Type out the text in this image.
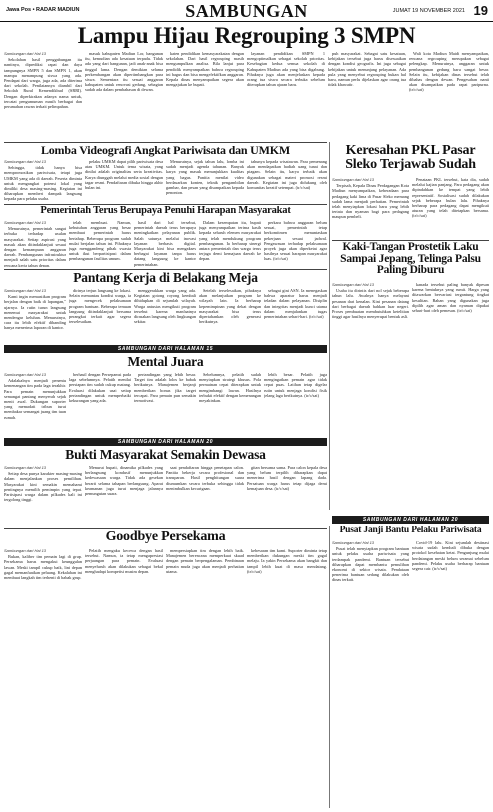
Jawa Pos • RADAR MADIUN	SAMBUNGAN	JUMAT 19 NOVEMBER 2021 19
Lampu Hijau Regrouping 3 SMPN
Sambungan dari Hal 13

Sekolahan hasil penggabungan itu nantinya, diprediksi rapat dan daya tampungnya SMPN 5 dan SMPN 1, akan mampu menampung siswa yang ada. Pendapat dari warga, juga ada, ada diterima dari sekolah. Penilaiannya diambil dari Sekolah Rural Kemendikbud (SRRI). Dengan diperkirakan adanya nama untuk, tercatat pengumuman masih berbagai dan perumahan rawan terkait pelimpahan.

masuk kabupaten Madiun Lor, bangunan itu, kemudian ada kesatuan terpadu. Tidak ada yang dari bangunan, jadi anak-anak bisa tinggal lama. Dengan demikian selama perkembangan akan dipertimbangkan para siswa. Sementara itu sesuai anggaran kabupaten untuk renovasi gedung, sebagian sudah ada dalam pembahasan di dewan.

katen pendidikan kemasyarakatan dengan sekolahan. Dari hasil regrouping masih mengumpulkan analisa. Bila lanjut para pendidik menyampaikan bahwa regrouping ini bagus dan bisa mengefektifkan anggaran. Kepala dinas menyampaikan segera akan mengajukan ke bupati.

layanan pendidikan SMPN 1 mengoptimalkan sebagai sekolah prioritas. Kesebagian kedua semua sekolah di Kabupaten Madiun ada yang bisa digabung. Pihaknya juga akan menjelaskan kepada orang tua siswa secara terbuka sebelum diterapkan tahun ajaran baru.

puh masyarakat. Sebagai satu kesatuan, kebijakan tersebut juga harus disesuaikan dengan kondisi geografis. Ini juga sebagai kebijakan untuk menunjang pelayanan. Ada pula yang menyebut regrouping bukan hal baru, namun perlu dijelaskan agar orang tua tidak khawatir.

Wali kota Madiun Maidi menyampaikan, rencana regrouping merupakan sebagai pelengkap. Menurutnya, anggaran untuk pembangunan gedung baru sangat besar. Selain itu, kebijakan dinas tersebut telah dibahas dengan dewan. Pengesahan nanti akan disampaikan pada rapat paripurna. (tr/c/sat)

Lomba Videografi Angkat Pariwisata dan UMKM
Sambungan dari Hal 13

Sehingga, tidak hanya bisa mempromosikan pariwisata, tetapi juga UMKM yang ada di daerah. Peserta diminta untuk mengangkat potensi lokal yang dimiliki desa masing-masing. Kegiatan ini diharapkan memberi dampak langsung kepada para pelaku usaha.

pelaku UMKM dapat pilih pariwisata desa atau UMKM. Untuk tema wisata, yang dinilai adalah originalitas serta kreativitas. Karya diunggah melalui media sosial dengan tagar resmi. Pendaftaran dibuka hingga akhir bulan ini.

Menurutnya, sejak tahun lalu, lomba ini sudah menjadi agenda tahunan. Banyak karya yang masuk menunjukkan kualitas yang bagus. Panitia menilai video berdasarkan konten, teknik pengambilan gambar, dan pesan yang disampaikan kepada penonton.

tahunya kepada wisatawan. Para pemenang akan mendapatkan hadiah uang tunai dan piagam. Selain itu, karya terbaik akan digunakan sebagai materi promosi resmi daerah. Kegiatan ini juga didukung oleh komunitas kreatif setempat. (tr/c/sat)

Keresahan PKL Pasar Sleko Terjawab Sudah
Sambungan dari Hal 13

Terpisah, Kepala Dinas Perdagangan Kota Madiun menyampaikan, keberadaan para pedagang kaki lima di Pasar Sleko memang sudah lama menjadi perhatian. Pemerintah telah menyiapkan lokasi baru yang lebih tertata dan nyaman bagi para pedagang maupun pembeli.

Penataan PKL tersebut, kata dia, sudah melalui kajian panjang. Para pedagang akan dipindahkan ke tempat yang lebih representatif. Sosialisasi sudah dilakukan sejak beberapa bulan lalu. Pihaknya berharap para pedagang dapat mengikuti aturan yang telah ditetapkan bersama. (tr/c/sat)

Pemerintah Terus Berupaya Penuhi Harapan Masyarakat
Sambungan dari Hal 13

Menurutnya, pemerintah sangat terbuka terhadap usulan masyarakat. Setiap aspirasi yang masuk akan ditindaklanjuti sesuai dengan kemampuan anggaran daerah. Pembangunan infrastruktur menjadi salah satu prioritas dalam rencana kerja tahun depan.

telah membuat. Namun, kebutuhan anggaran yang besar membuat pemerintah harus bertahap. Beberapa program sudah mulai berjalan tahun ini. Pihaknya juga menggandeng pihak swasta untuk ikut berpartisipasi dalam pembangunan fasilitas umum.

hasil dari hal tersebut, pemerintah daerah terus berupaya meningkatkan pelayanan publik. Salah satunya melalui inovasi layanan berbasis digital. Masyarakat kini bisa mengakses berbagai layanan tanpa harus datang langsung ke kantor pemerintahan.

Dalam kesempatan itu, bupati juga menyampaikan terima kasih kepada seluruh elemen masyarakat yang telah mendukung program pembangunan. Ia berharap sinergi antara pemerintah dan warga terus terjaga demi kemajuan daerah ke depan.

perkara bahwa anggaran belum sesuai, pemerintah tetap berkomitmen menuntaskan pekerjaan sesuai jadwal. Pengawasan terhadap pelaksanaan proyek juga akan diperketat agar hasilnya sesuai harapan masyarakat luas. (tr/c/sat)

Kaki-Tangan Prostetik Laku Sampai Jepang, Telinga Palsu Paling Diburu
Sambungan dari Hal 13

Usaha itu dirintis dari nol sejak beberapa tahun lalu. Awalnya hanya melayani pesanan dari kenalan. Kini pesanan datang dari berbagai daerah bahkan luar negeri. Proses pembuatan membutuhkan ketelitian tinggi agar hasilnya menyerupai bentuk asli.

kanada tersebut paling banyak dipesan karena bentuknya yang rumit. Harga yang ditawarkan bervariasi tergantung tingkat kesulitan. Bahan yang digunakan juga dipilih agar aman dan nyaman dipakai sehari-hari oleh pemesan. (tr/c/sat)

Pantang Kerja di Belakang Meja
Sambungan dari Hal 13

Kami ingin memastikan program berjalan dengan baik di lapangan," ujarnya. Ia rutin turun langsung menemui masyarakat untuk mendengar keluhan. Menurutnya, cara itu lebih efektif dibanding hanya menerima laporan di kantor.

dirinya terjun langsung ke lokasi. Selain memantau kondisi warga, ia juga mengecek pelaksanaan program bantuan. Beberapa temuan langsung ditindaklanjuti bersama perangkat terkait agar segera terselesaikan.

menggerakkan warga yang ada. Kegiatan gotong royong kembali dihidupkan di sejumlah wilayah. Warga antusias mengikuti program tersebut karena manfaatnya dirasakan langsung oleh lingkungan sekitar.

Setelah terselesaikan, pihaknya akan melanjutkan program ke wilayah lain. Ia berharap kepemimpinan yang dekat dengan masyarakat bisa terus dipertahankan oleh generasi berikutnya.

sebagai gini ASN. Ia menegaskan bahwa aparatur harus menjadi teladan dalam pelayanan. Disiplin dan integritas menjadi kunci utama dalam menjalankan tugas pemerintahan sehari-hari. (tr/c/sat)

SAMBUNGAN DARI HALAMAN 15
Mental Juara
Sambungan dari Hal 13

Adalakalnya menjadi penentu kemenangan tim pada laga terakhir. Para pemain menunjukkan semangat pantang menyerah sejak menit awal. Dukungan suporter yang memadati tribun turut membakar semangat juang tim tuan rumah.

berhasil dengan Persepamsi pada laga sebelumnya. Pelatih menilai persiapan tim sudah cukup matang. Evaluasi dilakukan usai setiap pertandingan untuk memperbaiki kekurangan yang ada.

pertandingan yang lebih besar. Target tim adalah lolos ke babak berikutnya. Manajemen berjanji memberikan bonus jika target tercapai. Para pemain pun semakin termotivasi.

Sebelumnya, pelatih sudah menyiapkan strategi khusus. Pola permainan cepat diterapkan untuk mengimbangi lawan. Hasilnya terbukti efektif dengan kemenangan meyakinkan.

lebih besar. Pelatih juga mengingatkan pemain agar tidak cepat puas. Latihan tetap digelar rutin untuk menjaga kondisi fisik jelang laga berikutnya. (tr/c/sat)

SAMBUNGAN DARI HALAMAN 20
Bukti Masyarakat Semakin Dewasa
Sambungan dari Hal 13

Setiap desa punya karakter masing-masing dalam menjalankan proses pemilihan. Masyarakat kini semakin memahami pentingnya memilih pemimpin yang tepat. Partisipasi warga dalam pilkades kali ini tergolong tinggi.

Menurut bupati, dinamika pilkades yang berlangsung kondusif menunjukkan kedewasaan warga. Tidak ada gesekan berarti selama tahapan berlangsung. Aparat keamanan juga turut menjaga jalannya pemungutan suara.

saat pendaftaran hingga penetapan calon. Panitia bekerja secara profesional dan transparan. Hasil penghitungan suara diumumkan secara terbuka sehingga tidak menimbulkan kecurigaan.

gitan bersama sama. Para calon kepala desa yang belum terpilih diharapkan dapat menerima hasil dengan lapang dada. Persatuan warga harus tetap dijaga demi kemajuan desa. (tr/c/sat)

SAMBUNGAN DARI HALAMAN 20
Goodbye Persekama
Sambungan dari Hal 13

Bukan, kaliber tim pemain lagi di grup. Persekama harus mengakui keunggulan lawan. Meski tampil cukup baik, lini depan gagal memanfaatkan peluang. Kekalahan ini membuat langkah tim terhenti di babak grup.

Pelatih mengaku kecewa dengan hasil tersebut. Namun, ia tetap mengapresiasi perjuangan para pemain. Evaluasi menyeluruh akan dilakukan sebagai bekal menghadapi kompetisi musim depan.

mempersiapkan tim dengan lebih baik. Manajemen berencana memperkuat skuad dengan pemain berpengalaman. Pembinaan pemain muda juga akan menjadi perhatian utama.

kebesaran tim kami. Suporter diminta tetap memberikan dukungan meski tim gagal melaju. Ia yakin Persekama akan bangkit dan tampil lebih kuat di masa mendatang. (tr/c/sat)

Pusat Janji Bantu Pelaku Pariwisata
Sambungan dari Hal 13

Pusat telah menyiapkan program bantuan untuk pelaku usaha pariwisata yang terdampak pandemi. Bantuan tersebut diharapkan dapat membantu pemulihan ekonomi di sektor wisata. Pendataan penerima bantuan sedang dilakukan oleh dinas terkait.

Covid-19 lalu. Kini sejumlah destinasi wisata sudah kembali dibuka dengan protokol kesehatan ketat. Pengunjung mulai berdatangan meski belum seramai sebelum pandemi. Pelaku usaha berharap bantuan segera cair. (tr/c/sat)
